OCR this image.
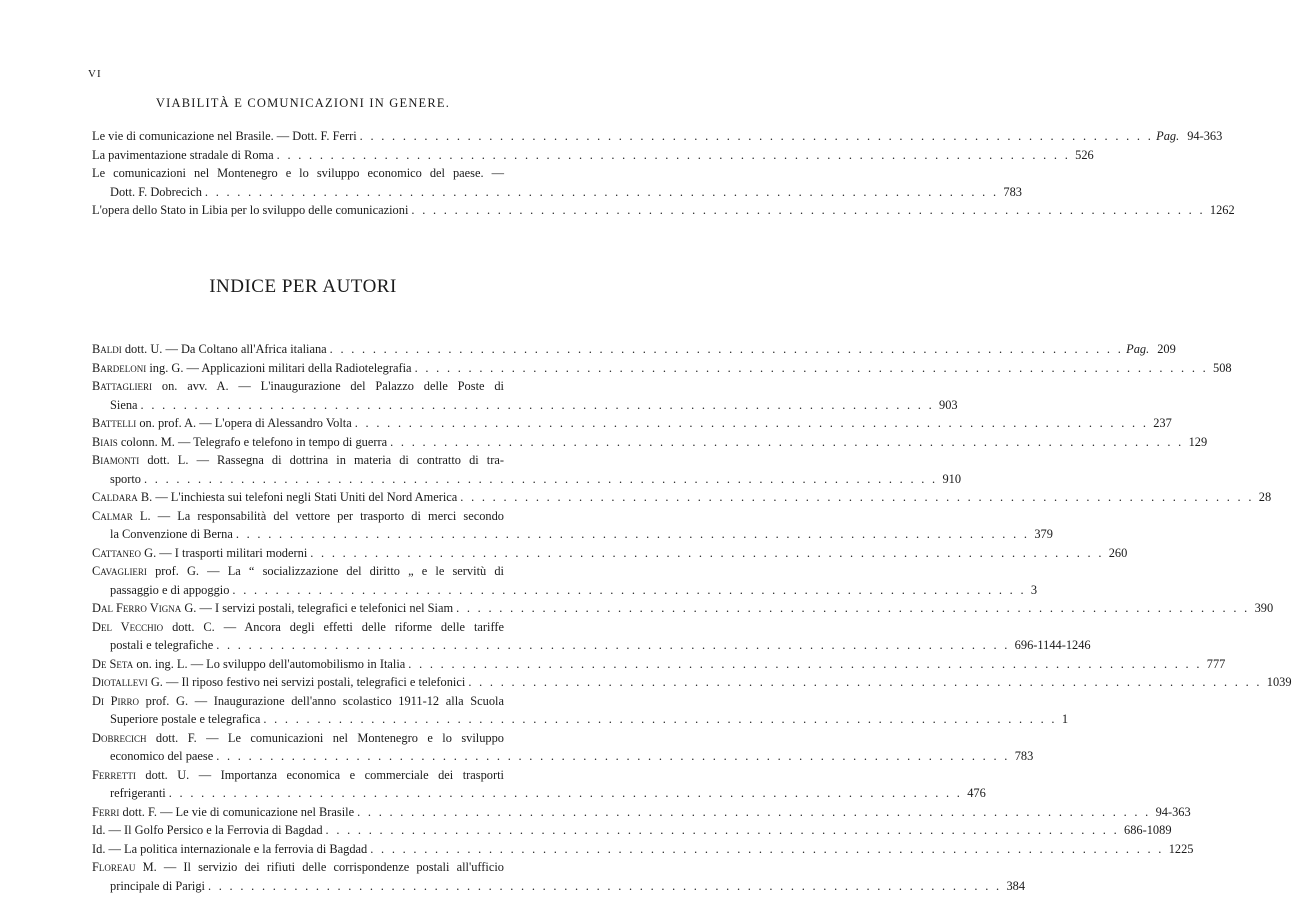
VI
VIABILITÀ E COMUNICAZIONI IN GENERE.
Le vie di comunicazione nel Brasile. — Dott. F. Ferri . . .	Pag. 94-363
La pavimentazione stradale di Roma . . .	526
Le comunicazioni nel Montenegro e lo sviluppo economico del paese. —
Dott. F. Dobrecich . . .	783
L'opera dello Stato in Libia per lo sviluppo delle comunicazioni . . .	1262
INDICE PER AUTORI
Baldi dott. U. — Da Coltano all'Africa italiana . . .	Pag. 209
Bardeloni ing. G. — Applicazioni militari della Radiotelegrafia . . .	508
Battaglieri on. avv. A. — L'inaugurazione del Palazzo delle Poste di
Siena . . .	903
Battelli on. prof. A. — L'opera di Alessandro Volta . . .	237
Biais colonn. M. — Telegrafo e telefono in tempo di guerra . . .	129
Biamonti dott. L. — Rassegna di dottrina in materia di contratto di tra-
sporto . . .	910
Caldara B. — L'inchiesta sui telefoni negli Stati Uniti del Nord America . . .	28
Calmar L. — La responsabilità del vettore per trasporto di merci secondo
la Convenzione di Berna . . .	379
Cattaneo G. — I trasporti militari moderni . . .	260
Cavaglieri prof. G. — La “ socializzazione del diritto „ e le servitù di
passaggio e di appoggio . . .	3
Dal Ferro Vigna G. — I servizi postali, telegrafici e telefonici nel Siam . . .	390
Del Vecchio dott. C. — Ancora degli effetti delle riforme delle tariffe
postali e telegrafiche . . .	696-1144-1246
De Seta on. ing. L. — Lo sviluppo dell'automobilismo in Italia . . .	777
Diotallevi G. — Il riposo festivo nei servizi postali, telegrafici e telefonici . . .	1039
Di Pirro prof. G. — Inaugurazione dell'anno scolastico 1911-12 alla Scuola
Superiore postale e telegrafica . . .	1
Dobrecich dott. F. — Le comunicazioni nel Montenegro e lo sviluppo
economico del paese . . .	783
Ferretti dott. U. — Importanza economica e commerciale dei trasporti
refrigeranti . . .	476
Ferri dott. F. — Le vie di comunicazione nel Brasile . . .	94-363
Id. — Il Golfo Persico e la Ferrovia di Bagdad . . .	686-1089
Id. — La politica internazionale e la ferrovia di Bagdad . . .	1225
Floreau M. — Il servizio dei rifiuti delle corrispondenze postali all'ufficio
principale di Parigi . . .	384
